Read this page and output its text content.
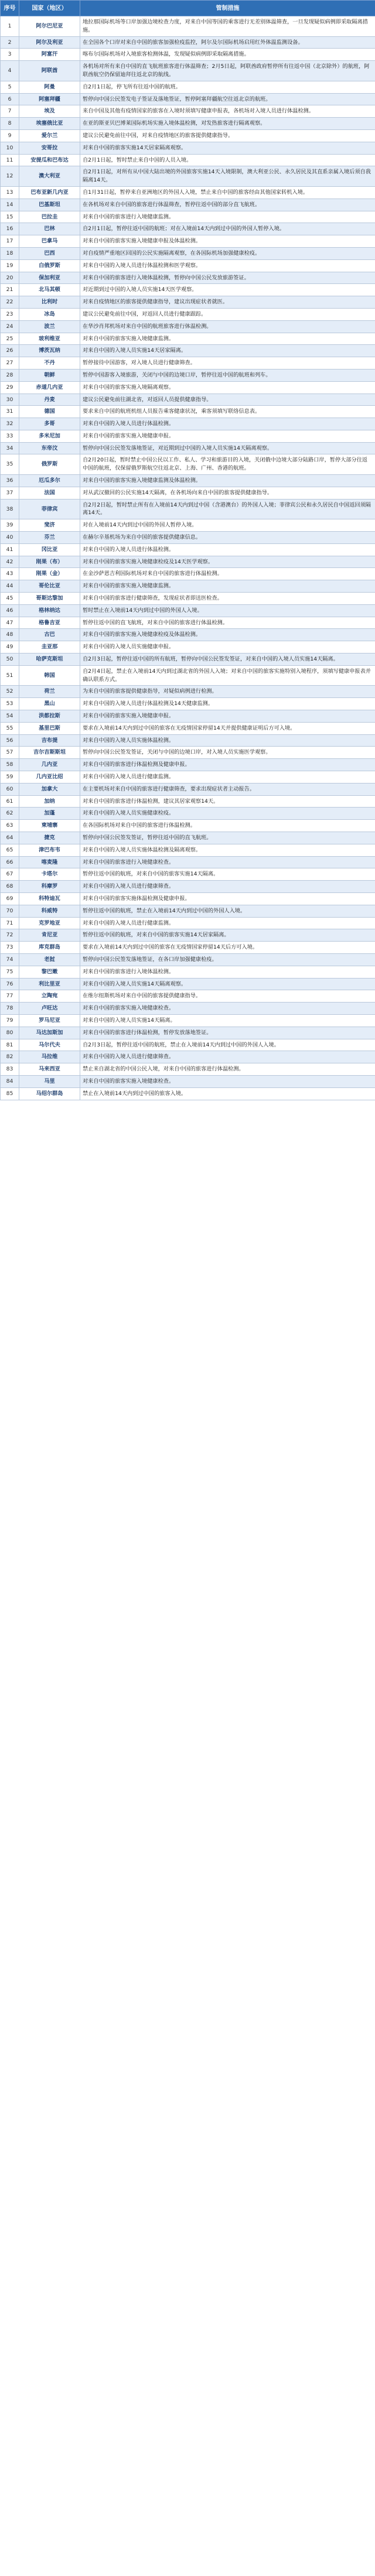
序号	国家（地区）	管制措施
1	阿尔巴尼亚	地拉那国际机场等口岸加强边境检查力度，对来自中国等国的乘客进行无差别体温筛查，一旦发现疑似病例即采取隔离措施。
2	阿尔及利亚	在全国各个口岸对来自中国的旅客加强检疫监控，阿尔及尔国际机场启用红外体温监测设备。
3	阿富汗	喀布尔国际机场对入境旅客检测体温，发现疑似病例即采取隔离措施。
4	阿联酋	各机场对所有来自中国的直飞航班旅客进行体温筛查；2月5日起，阿联酋政府暂停所有往返中国（北京除外）的航班，阿联酋航空仍保留迪拜往返北京的航线。
5	阿曼	自2月1日起，停飞所有往返中国的航班。
6	阿塞拜疆	暂停向中国公民签发电子签证及落地签证，暂停阿塞拜疆航空往返北京的航班。
7	埃及	来自中国及其他有疫情国家的旅客在入境时须填写健康申报表，各机场对入境人员进行体温检测。
8	埃塞俄比亚	在亚的斯亚贝巴博莱国际机场实施入境体温检测，对发热旅客进行隔离观察。
9	爱尔兰	建议公民避免前往中国，对来自疫情地区的旅客提供健康指导。
10	安哥拉	对来自中国的旅客实施14天居家隔离观察。
11	安提瓜和巴布达	自2月1日起，暂时禁止来自中国的人员入境。
12	澳大利亚	自2月1日起，对所有从中国大陆出境的外国旅客实施14天入境限制，澳大利亚公民、永久居民及其直系亲属入境后须自我隔离14天。
13	巴布亚新几内亚	自1月31日起，暂停来自亚洲地区的外国人入境，禁止来自中国的旅客经由其他国家转机入境。
14	巴基斯坦	在各机场对来自中国的旅客进行体温筛查，暂停往返中国的部分直飞航班。
15	巴拉圭	对来自中国的旅客进行入境健康监测。
16	巴林	自2月1日起，暂停往返中国的航班；对在入境前14天内到过中国的外国人暂停入境。
17	巴拿马	对来自中国的旅客实施入境健康申报及体温检测。
18	巴西	对自疫情严重地区回国的公民实施隔离观察，在各国际机场加强健康检疫。
19	白俄罗斯	对来自中国的入境人员进行体温检测和医学观察。
20	保加利亚	对来自中国的旅客进行入境体温检测，暂停向中国公民发放旅游签证。
21	北马其顿	对近期到过中国的入境人员实施14天医学观察。
22	比利时	对来自疫情地区的旅客提供健康指导，建议出现症状者就医。
23	冰岛	建议公民避免前往中国，对返回人员进行健康跟踪。
24	波兰	在华沙肖邦机场对来自中国的航班旅客进行体温检测。
25	玻利维亚	对来自中国的旅客实施入境健康监测。
26	博茨瓦纳	对来自中国的入境人员实施14天居家隔离。
27	不丹	暂停接待中国游客，对入境人员进行健康筛查。
28	朝鲜	暂停中国游客入境旅游，关闭与中国的边境口岸，暂停往返中国的航班和列车。
29	赤道几内亚	对来自中国的旅客实施入境隔离观察。
30	丹麦	建议公民避免前往湖北省，对返回人员提供健康指导。
31	德国	要求来自中国的航班机组人员报告乘客健康状况，乘客须填写联络信息表。
32	多哥	对来自中国的入境人员进行体温检测。
33	多米尼加	对来自中国的旅客实施入境健康申报。
34	东帝汶	暂停向中国公民签发落地签证，对近期到过中国的入境人员实施14天隔离观察。
35	俄罗斯	自2月20日起，暂时禁止中国公民以工作、私人、学习和旅游目的入境，关闭俄中边境大部分陆路口岸，暂停大部分往返中国的航班，仅保留俄罗斯航空往返北京、上海、广州、香港的航班。
36	厄瓜多尔	对来自中国的旅客实施入境健康监测及体温检测。
37	法国	对从武汉撤回的公民实施14天隔离，在各机场向来自中国的旅客提供健康指导。
38	菲律宾	自2月2日起，暂时禁止所有在入境前14天内到过中国（含港澳台）的外国人入境；菲律宾公民和永久居民自中国返回须隔离14天。
39	斐济	对在入境前14天内到过中国的外国人暂停入境。
40	芬兰	在赫尔辛基机场为来自中国的旅客提供健康信息。
41	冈比亚	对来自中国的入境人员进行体温检测。
42	刚果（布）	对来自中国的旅客实施入境健康检疫及14天医学观察。
43	刚果（金）	在金沙萨恩吉利国际机场对来自中国的旅客进行体温检测。
44	哥伦比亚	对来自中国的旅客实施入境健康监测。
45	哥斯达黎加	对来自中国的旅客进行健康筛查，发现症状者即送医检查。
46	格林纳达	暂时禁止在入境前14天内到过中国的外国人入境。
47	格鲁吉亚	暂停往返中国的直飞航班，对来自中国的旅客进行体温检测。
48	古巴	对来自中国的旅客实施入境健康检疫及体温检测。
49	圭亚那	对来自中国的入境人员实施健康申报。
50	哈萨克斯坦	自2月3日起，暂停往返中国的所有航班，暂停向中国公民签发签证，对来自中国的入境人员实施14天隔离。
51	韩国	自2月4日起，禁止在入境前14天内到过湖北省的外国人入境；对来自中国的旅客实施特别入境程序，须填写健康申报表并确认联系方式。
52	荷兰	为来自中国的旅客提供健康指导，对疑似病例进行检测。
53	黑山	对来自中国的入境人员进行体温检测及14天健康监测。
54	洪都拉斯	对来自中国的旅客实施入境健康申报。
55	基里巴斯	要求在入境前14天内到过中国的旅客在无疫情国家停留14天并提供健康证明后方可入境。
56	吉布提	对来自中国的入境人员实施体温检测。
57	吉尔吉斯斯坦	暂停向中国公民签发签证，关闭与中国的边境口岸，对入境人员实施医学观察。
58	几内亚	对来自中国的旅客进行体温检测及健康申报。
59	几内亚比绍	对来自中国的入境人员进行健康监测。
60	加拿大	在主要机场对来自中国的旅客进行健康筛查，要求出现症状者主动报告。
61	加纳	对来自中国的旅客进行体温检测，建议其居家观察14天。
62	加蓬	对来自中国的入境人员实施健康检疫。
63	柬埔寨	在各国际机场对来自中国的旅客进行体温检测。
64	捷克	暂停向中国公民签发签证，暂停往返中国的直飞航班。
65	津巴布韦	对来自中国的入境人员实施体温检测及隔离观察。
66	喀麦隆	对来自中国的旅客进行入境健康检查。
67	卡塔尔	暂停往返中国的航班，对来自中国的旅客实施14天隔离。
68	科摩罗	对来自中国的入境人员进行健康筛查。
69	科特迪瓦	对来自中国的旅客实施体温检测及健康申报。
70	科威特	暂停往返中国的航班，禁止在入境前14天内到过中国的外国人入境。
71	克罗地亚	对来自中国的入境人员进行健康监测。
72	肯尼亚	暂停往返中国的航班，对来自中国的旅客实施14天居家隔离。
73	库克群岛	要求在入境前14天内到过中国的旅客在无疫情国家停留14天后方可入境。
74	老挝	暂停向中国公民签发落地签证，在各口岸加强健康检疫。
75	黎巴嫩	对来自中国的旅客进行入境体温检测。
76	利比里亚	对来自中国的入境人员实施14天隔离观察。
77	立陶宛	在维尔纽斯机场对来自中国的旅客提供健康指导。
78	卢旺达	对来自中国的旅客实施入境健康检查。
79	罗马尼亚	对来自中国的入境人员实施14天隔离。
80	马达加斯加	对来自中国的旅客进行体温检测，暂停发放落地签证。
81	马尔代夫	自2月3日起，暂停往返中国的航班，禁止在入境前14天内到过中国的外国人入境。
82	马拉维	对来自中国的入境人员进行健康筛查。
83	马来西亚	禁止来自湖北省的中国公民入境，对来自中国的旅客进行体温检测。
84	马里	对来自中国的旅客实施入境健康检查。
85	马绍尔群岛	禁止在入境前14天内到过中国的旅客入境。
